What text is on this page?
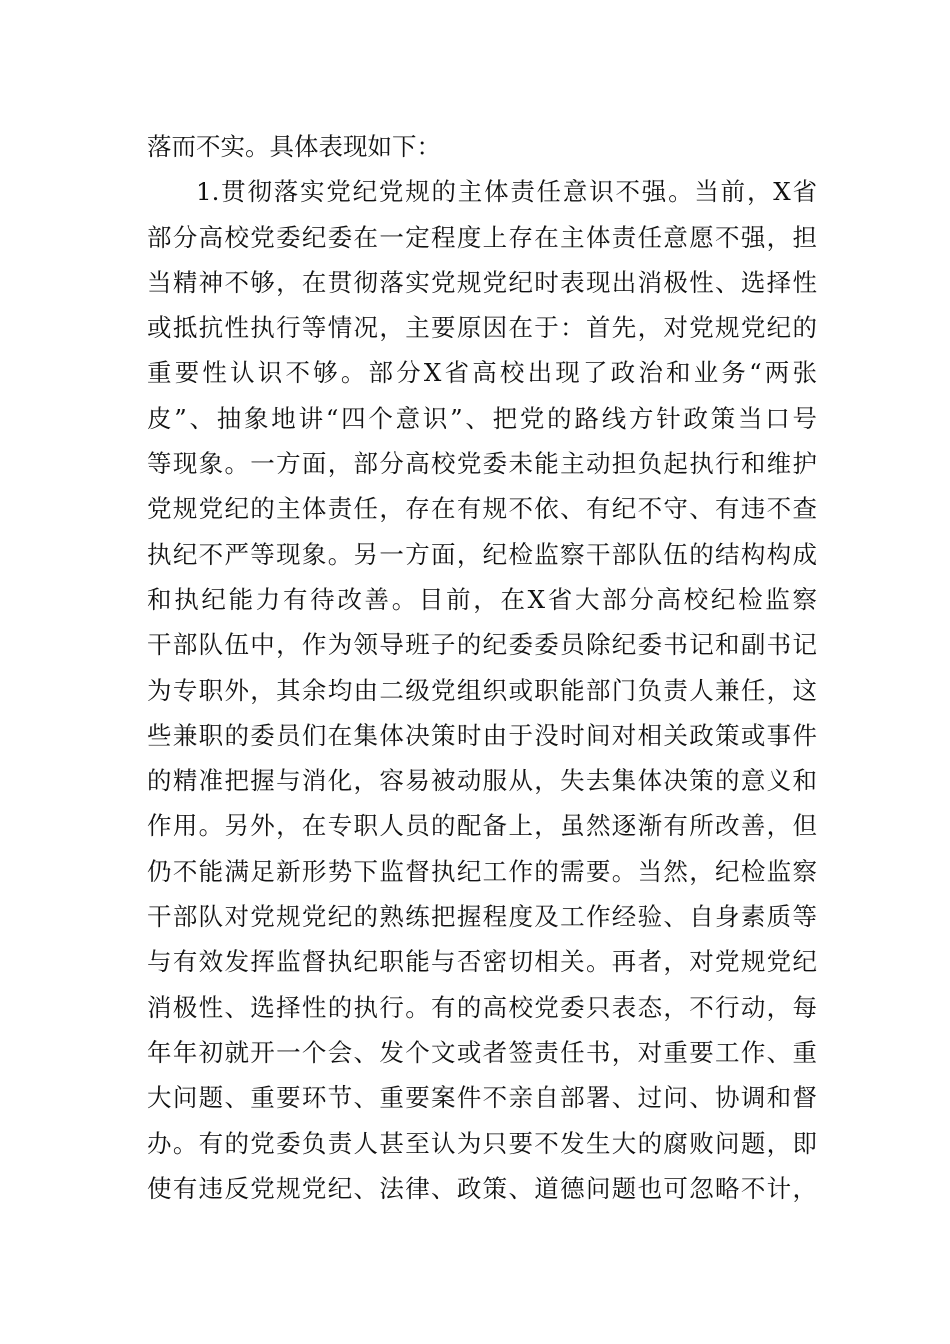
落而不实。具体表现如下：
1.贯彻落实党纪党规的主体责任意识不强。当前，X省
部分高校党委纪委在一定程度上存在主体责任意愿不强，担
当精神不够，在贯彻落实党规党纪时表现出消极性、选择性
或抵抗性执行等情况，主要原因在于：首先，对党规党纪的
重要性认识不够。部分X省高校出现了政治和业务“两张
皮”、抽象地讲“四个意识”、把党的路线方针政策当口号
等现象。一方面，部分高校党委未能主动担负起执行和维护
党规党纪的主体责任，存在有规不依、有纪不守、有违不查
执纪不严等现象。另一方面，纪检监察干部队伍的结构构成
和执纪能力有待改善。目前，在X省大部分高校纪检监察
干部队伍中，作为领导班子的纪委委员除纪委书记和副书记
为专职外，其余均由二级党组织或职能部门负责人兼任，这
些兼职的委员们在集体决策时由于没时间对相关政策或事件
的精准把握与消化，容易被动服从，失去集体决策的意义和
作用。另外，在专职人员的配备上，虽然逐渐有所改善，但
仍不能满足新形势下监督执纪工作的需要。当然，纪检监察
干部队对党规党纪的熟练把握程度及工作经验、自身素质等
与有效发挥监督执纪职能与否密切相关。再者，对党规党纪
消极性、选择性的执行。有的高校党委只表态，不行动，每
年年初就开一个会、发个文或者签责任书，对重要工作、重
大问题、重要环节、重要案件不亲自部署、过问、协调和督
办。有的党委负责人甚至认为只要不发生大的腐败问题，即
使有违反党规党纪、法律、政策、道德问题也可忽略不计，
